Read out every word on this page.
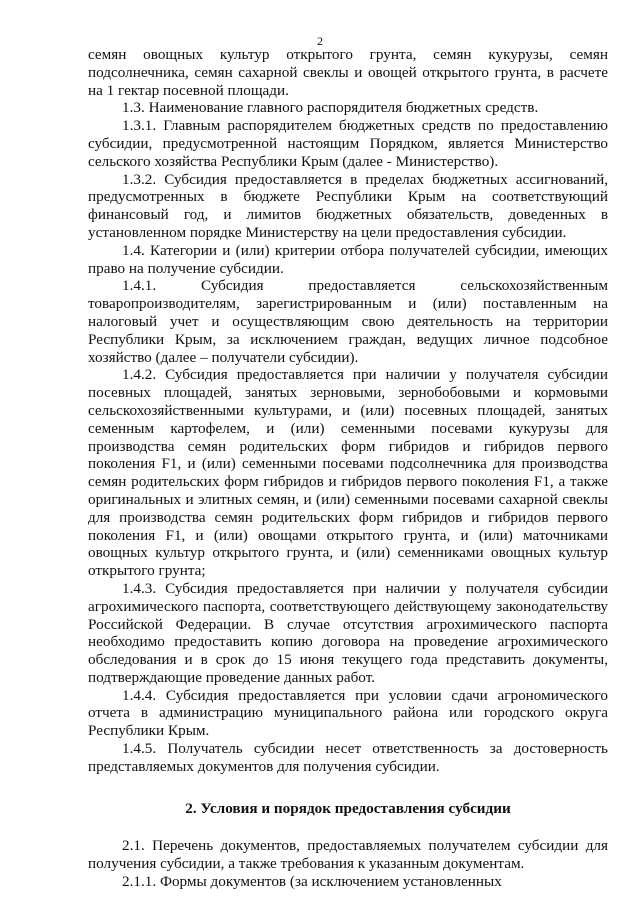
2

семян овощных культур открытого грунта, семян кукурузы, семян подсолнечника, семян сахарной свеклы и овощей открытого грунта, в расчете на 1 гектар посевной площади.

1.3. Наименование главного распорядителя бюджетных средств.

1.3.1. Главным распорядителем бюджетных средств по предоставлению субсидии, предусмотренной настоящим Порядком, является Министерство сельского хозяйства Республики Крым (далее - Министерство).

1.3.2. Субсидия предоставляется в пределах бюджетных ассигнований, предусмотренных в бюджете Республики Крым на соответствующий финансовый год, и лимитов бюджетных обязательств, доведенных в установленном порядке Министерству на цели предоставления субсидии.

1.4. Категории и (или) критерии отбора получателей субсидии, имеющих право на получение субсидии.

1.4.1. Субсидия предоставляется сельскохозяйственным товаропроизводителям, зарегистрированным и (или) поставленным на налоговый учет и осуществляющим свою деятельность на территории Республики Крым, за исключением граждан, ведущих личное подсобное хозяйство (далее – получатели субсидии).

1.4.2. Субсидия предоставляется при наличии у получателя субсидии посевных площадей, занятых зерновыми, зернобобовыми и кормовыми сельскохозяйственными культурами, и (или) посевных площадей, занятых семенным картофелем, и (или) семенными посевами кукурузы для производства семян родительских форм гибридов и гибридов первого поколения F1, и (или) семенными посевами подсолнечника для производства семян родительских форм гибридов и гибридов первого поколения F1, а также оригинальных и элитных семян, и (или) семенными посевами сахарной свеклы для производства семян родительских форм гибридов и гибридов первого поколения F1, и (или) овощами открытого грунта, и (или) маточниками овощных культур открытого грунта, и (или) семенниками овощных культур открытого грунта;

1.4.3. Субсидия предоставляется при наличии у получателя субсидии агрохимического паспорта, соответствующего действующему законодательству Российской Федерации. В случае отсутствия агрохимического паспорта необходимо предоставить копию договора на проведение агрохимического обследования и в срок до 15 июня текущего года представить документы, подтверждающие проведение данных работ.

1.4.4. Субсидия предоставляется при условии сдачи агрономического отчета в администрацию муниципального района или городского округа Республики Крым.

1.4.5. Получатель субсидии несет ответственность за достоверность представляемых документов для получения субсидии.

2. Условия и порядок предоставления субсидии

2.1. Перечень документов, предоставляемых получателем субсидии для получения субсидии, а также требования к указанным документам.

2.1.1. Формы документов (за исключением установленных
